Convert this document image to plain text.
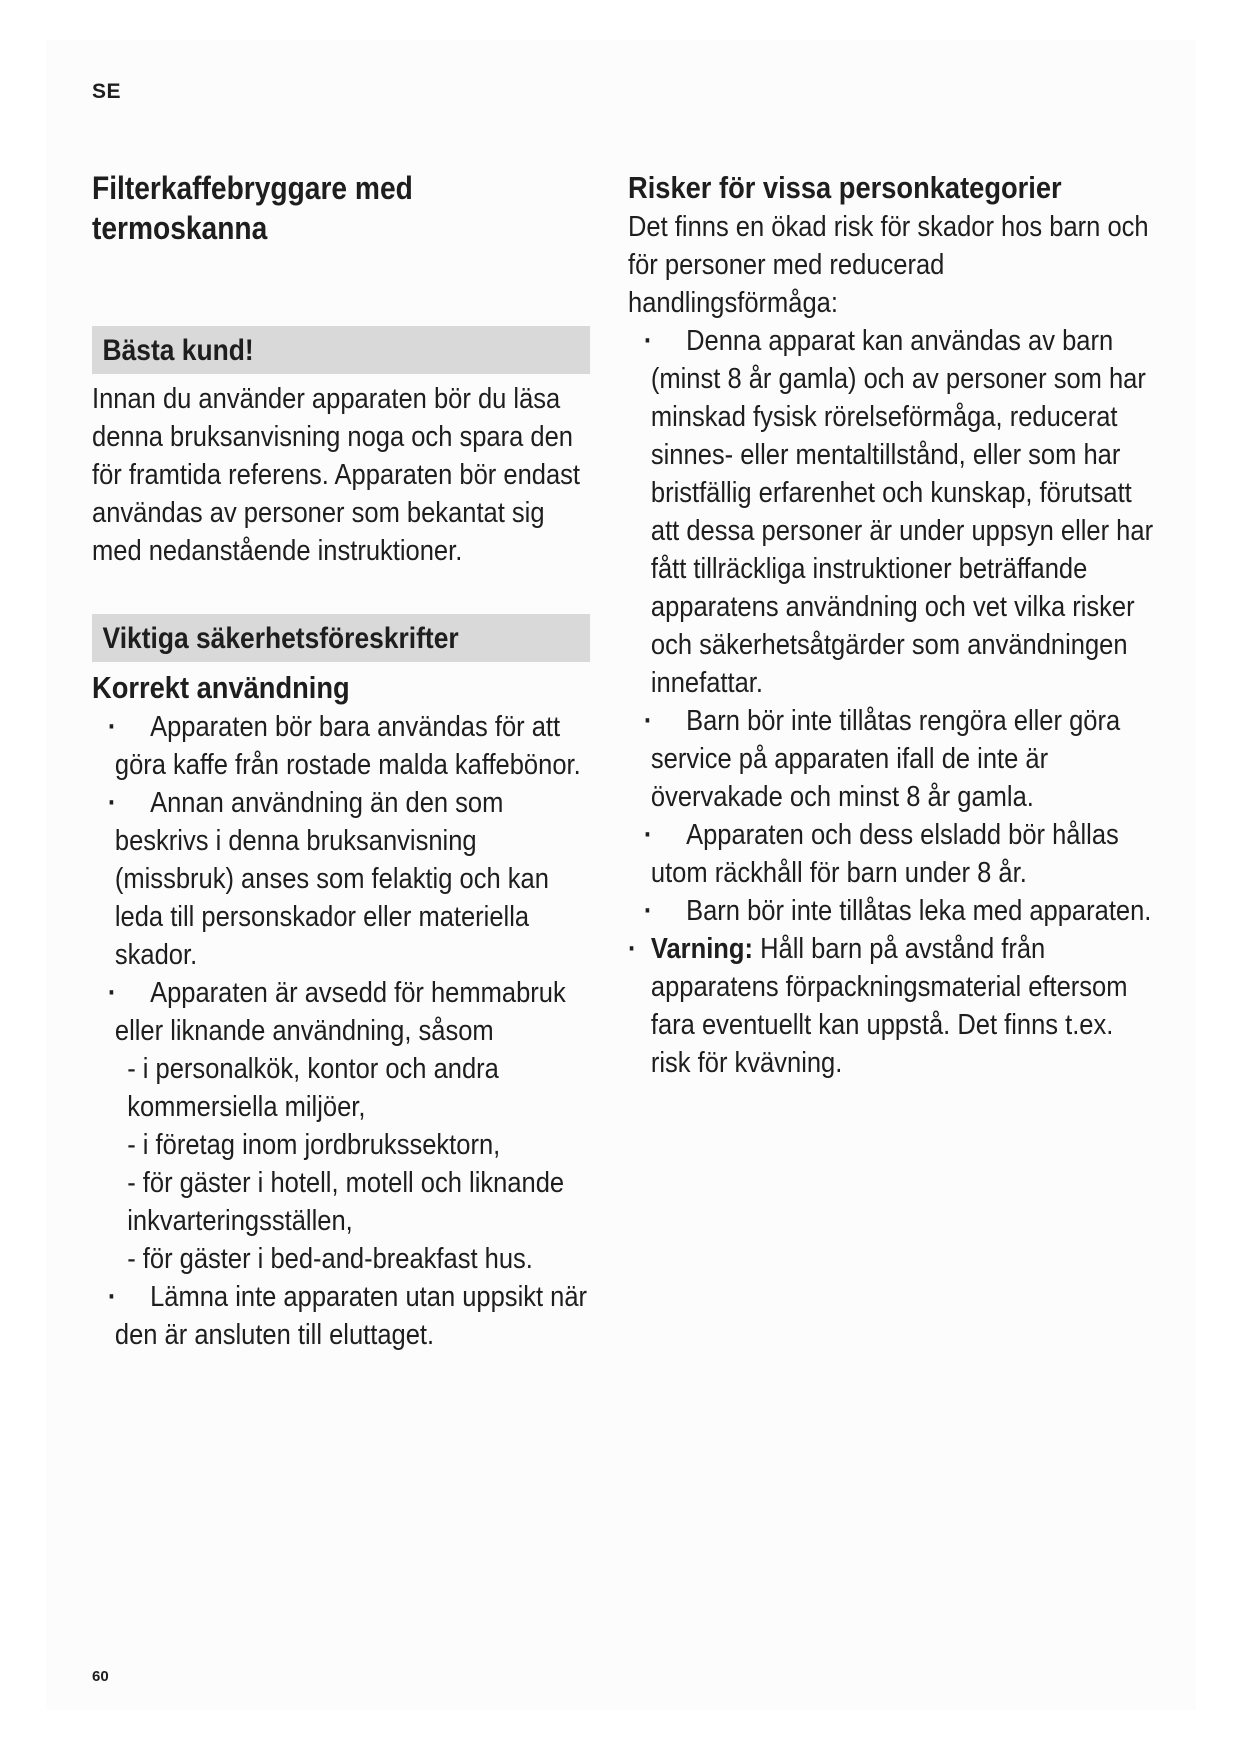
SE
Filterkaffebryggare med
termoskanna
Bästa kund!
Innan du använder apparaten bör du läsa denna bruksanvisning noga och spara den för framtida referens. Apparaten bör endast användas av personer som bekantat sig med nedanstående instruktioner.
Viktiga säkerhetsföreskrifter
Korrekt användning
· Apparaten bör bara användas för att göra kaffe från rostade malda kaffebönor.
· Annan användning än den som beskrivs i denna bruksanvisning (missbruk) anses som felaktig och kan leda till personskador eller materiella skador.
· Apparaten är avsedd för hemmabruk eller liknande användning, såsom
- i personalkök, kontor och andra kommersiella miljöer,
- i företag inom jordbrukssektorn,
- för gäster i hotell, motell och liknande inkvarteringsställen,
- för gäster i bed-and-breakfast hus.
· Lämna inte apparaten utan uppsikt när den är ansluten till eluttaget.
Risker för vissa personkategorier
Det finns en ökad risk för skador hos barn och för personer med reducerad handlingsförmåga:
· Denna apparat kan användas av barn (minst 8 år gamla) och av personer som har minskad fysisk rörelseförmåga, reducerat sinnes- eller mentaltillstånd, eller som har bristfällig erfarenhet och kunskap, förutsatt att dessa personer är under uppsyn eller har fått tillräckliga instruktioner beträffande apparatens användning och vet vilka risker och säkerhetsåtgärder som användningen innefattar.
· Barn bör inte tillåtas rengöra eller göra service på apparaten ifall de inte är övervakade och minst 8 år gamla.
· Apparaten och dess elsladd bör hållas utom räckhåll för barn under 8 år.
· Barn bör inte tillåtas leka med apparaten.
· Varning: Håll barn på avstånd från apparatens förpackningsmaterial eftersom fara eventuellt kan uppstå. Det finns t.ex. risk för kvävning.
60
